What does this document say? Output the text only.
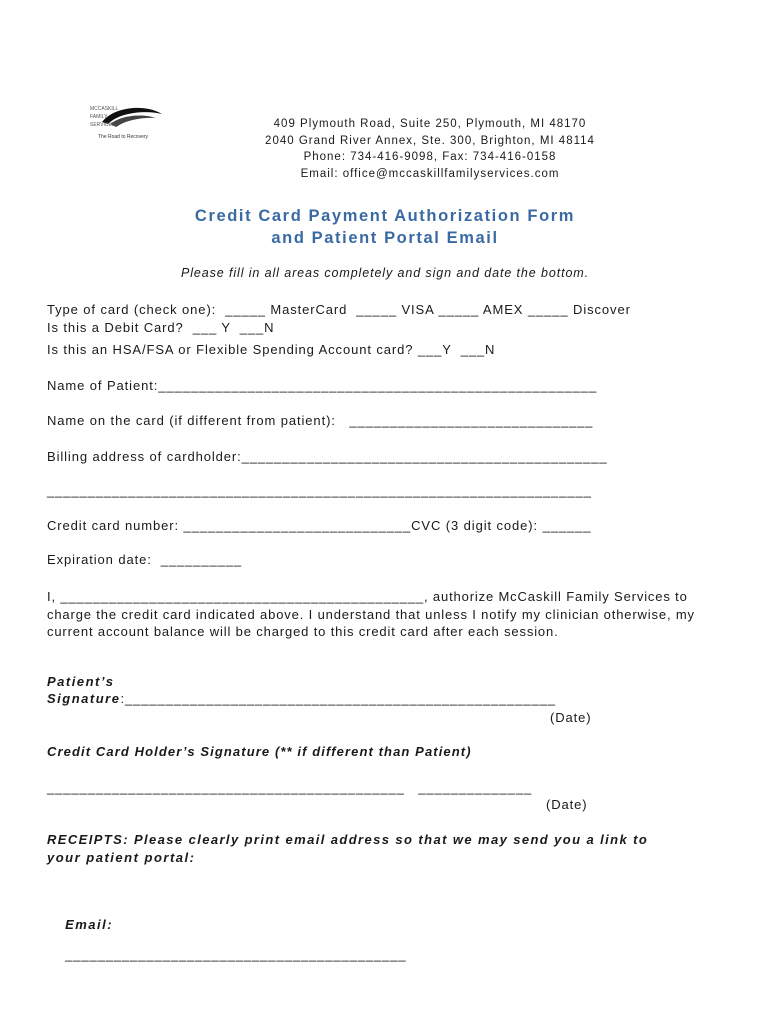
MCCASKILL
FAMILY
SERVICES
The Road to Recovery
409 Plymouth Road, Suite 250, Plymouth, MI 48170
2040 Grand River Annex, Ste. 300, Brighton, MI 48114
Phone: 734-416-9098, Fax: 734-416-0158
Email: office@mccaskillfamilyservices.com
Credit Card Payment Authorization Form
and Patient Portal Email
Please fill in all areas completely and sign and date the bottom.
Type of card (check one):  _____ MasterCard  _____ VISA _____ AMEX _____ Discover
Is this a Debit Card?  ___ Y  ___N
Is this an HSA/FSA or Flexible Spending Account card? ___Y  ___N
Name of Patient:______________________________________________________
Name on the card (if different from patient):   ______________________________
Billing address of cardholder:_____________________________________________
___________________________________________________________________
Credit card number: ____________________________CVC (3 digit code): ______
Expiration date:  __________
I, _____________________________________________, authorize McCaskill Family Services to charge the credit card indicated above. I understand that unless I notify my clinician otherwise, my current account balance will be charged to this credit card after each session.
Patient’s
Signature:_____________________________________________________
(Date)
Credit Card Holder’s Signature (** if different than Patient)
____________________________________________   ______________
(Date)
RECEIPTS: Please clearly print email address so that we may send you a link to
your patient portal:

Email:

__________________________________________
